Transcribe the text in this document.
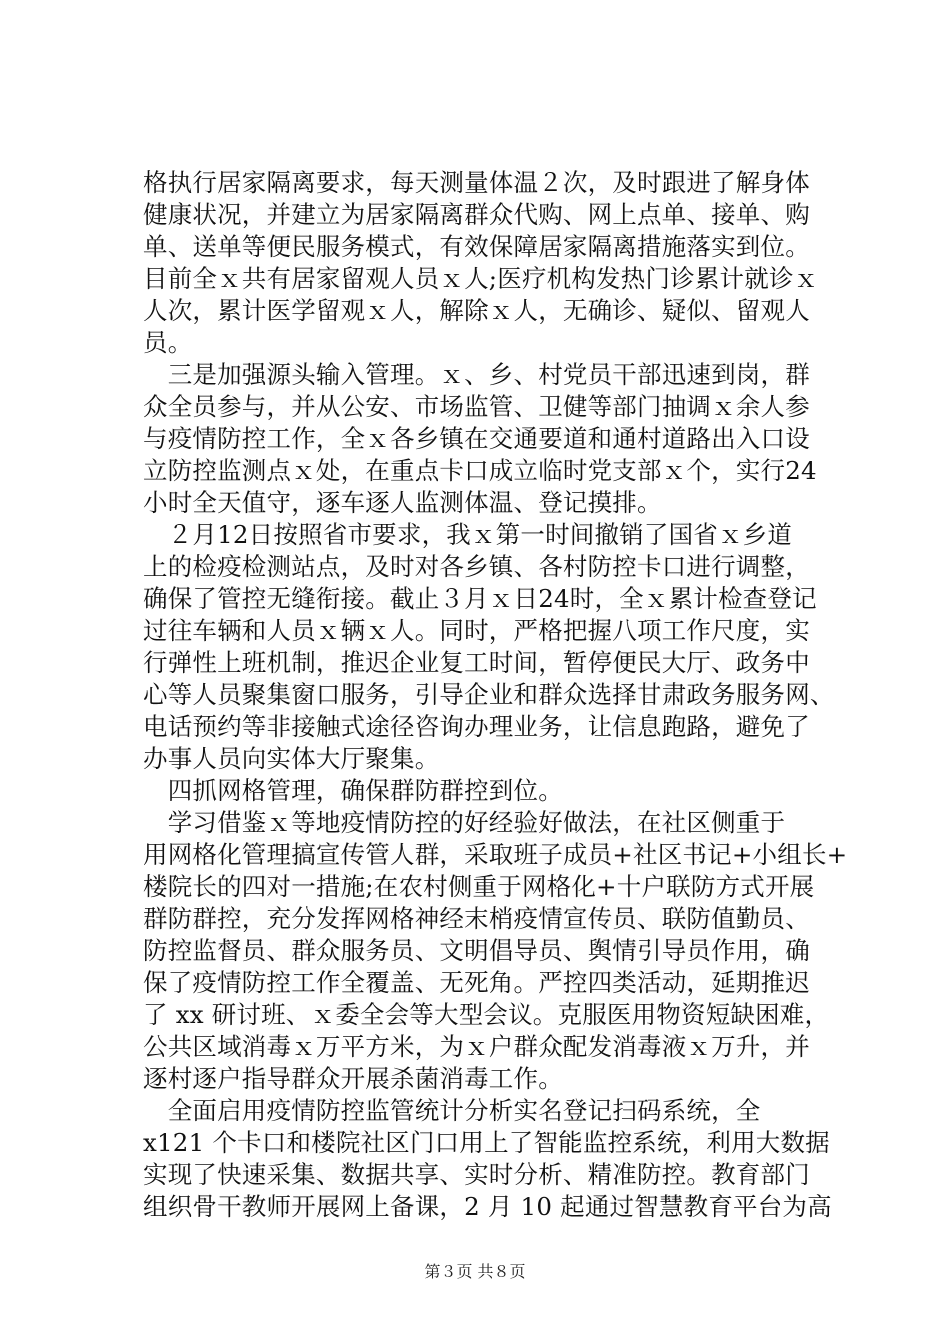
格执行居家隔离要求，每天测量体温２次，及时跟进了解身体
健康状况，并建立为居家隔离群众代购、网上点单、接单、购
单、送单等便民服务模式，有效保障居家隔离措施落实到位。
目前全ｘ共有居家留观人员ｘ人;医疗机构发热门诊累计就诊ｘ
人次，累计医学留观ｘ人，解除ｘ人，无确诊、疑似、留观人
员。
　三是加强源头输入管理。ｘ、乡、村党员干部迅速到岗，群
众全员参与，并从公安、市场监管、卫健等部门抽调ｘ余人参
与疫情防控工作，全ｘ各乡镇在交通要道和通村道路出入口设
立防控监测点ｘ处，在重点卡口成立临时党支部ｘ个，实行24
小时全天值守，逐车逐人监测体温、登记摸排。
　２月12日按照省市要求，我ｘ第一时间撤销了国省ｘ乡道
上的检疫检测站点，及时对各乡镇、各村防控卡口进行调整，
确保了管控无缝衔接。截止３月ｘ日24时，全ｘ累计检查登记
过往车辆和人员ｘ辆ｘ人。同时，严格把握八项工作尺度，实
行弹性上班机制，推迟企业复工时间，暂停便民大厅、政务中
心等人员聚集窗口服务，引导企业和群众选择甘肃政务服务网、
电话预约等非接触式途径咨询办理业务，让信息跑路，避免了
办事人员向实体大厅聚集。
　四抓网格管理，确保群防群控到位。
　学习借鉴ｘ等地疫情防控的好经验好做法，在社区侧重于
用网格化管理搞宣传管人群，采取班子成员+社区书记+小组长+
楼院长的四对一措施;在农村侧重于网格化+十户联防方式开展
群防群控，充分发挥网格神经末梢疫情宣传员、联防值勤员、
防控监督员、群众服务员、文明倡导员、舆情引导员作用，确
保了疫情防控工作全覆盖、无死角。严控四类活动，延期推迟
了 xx 研讨班、ｘ委全会等大型会议。克服医用物资短缺困难，
公共区域消毒ｘ万平方米，为ｘ户群众配发消毒液ｘ万升，并
逐村逐户指导群众开展杀菌消毒工作。
　全面启用疫情防控监管统计分析实名登记扫码系统，全
x121 个卡口和楼院社区门口用上了智能监控系统，利用大数据
实现了快速采集、数据共享、实时分析、精准防控。教育部门
组织骨干教师开展网上备课，2 月 10 起通过智慧教育平台为高
第３页 共８页
